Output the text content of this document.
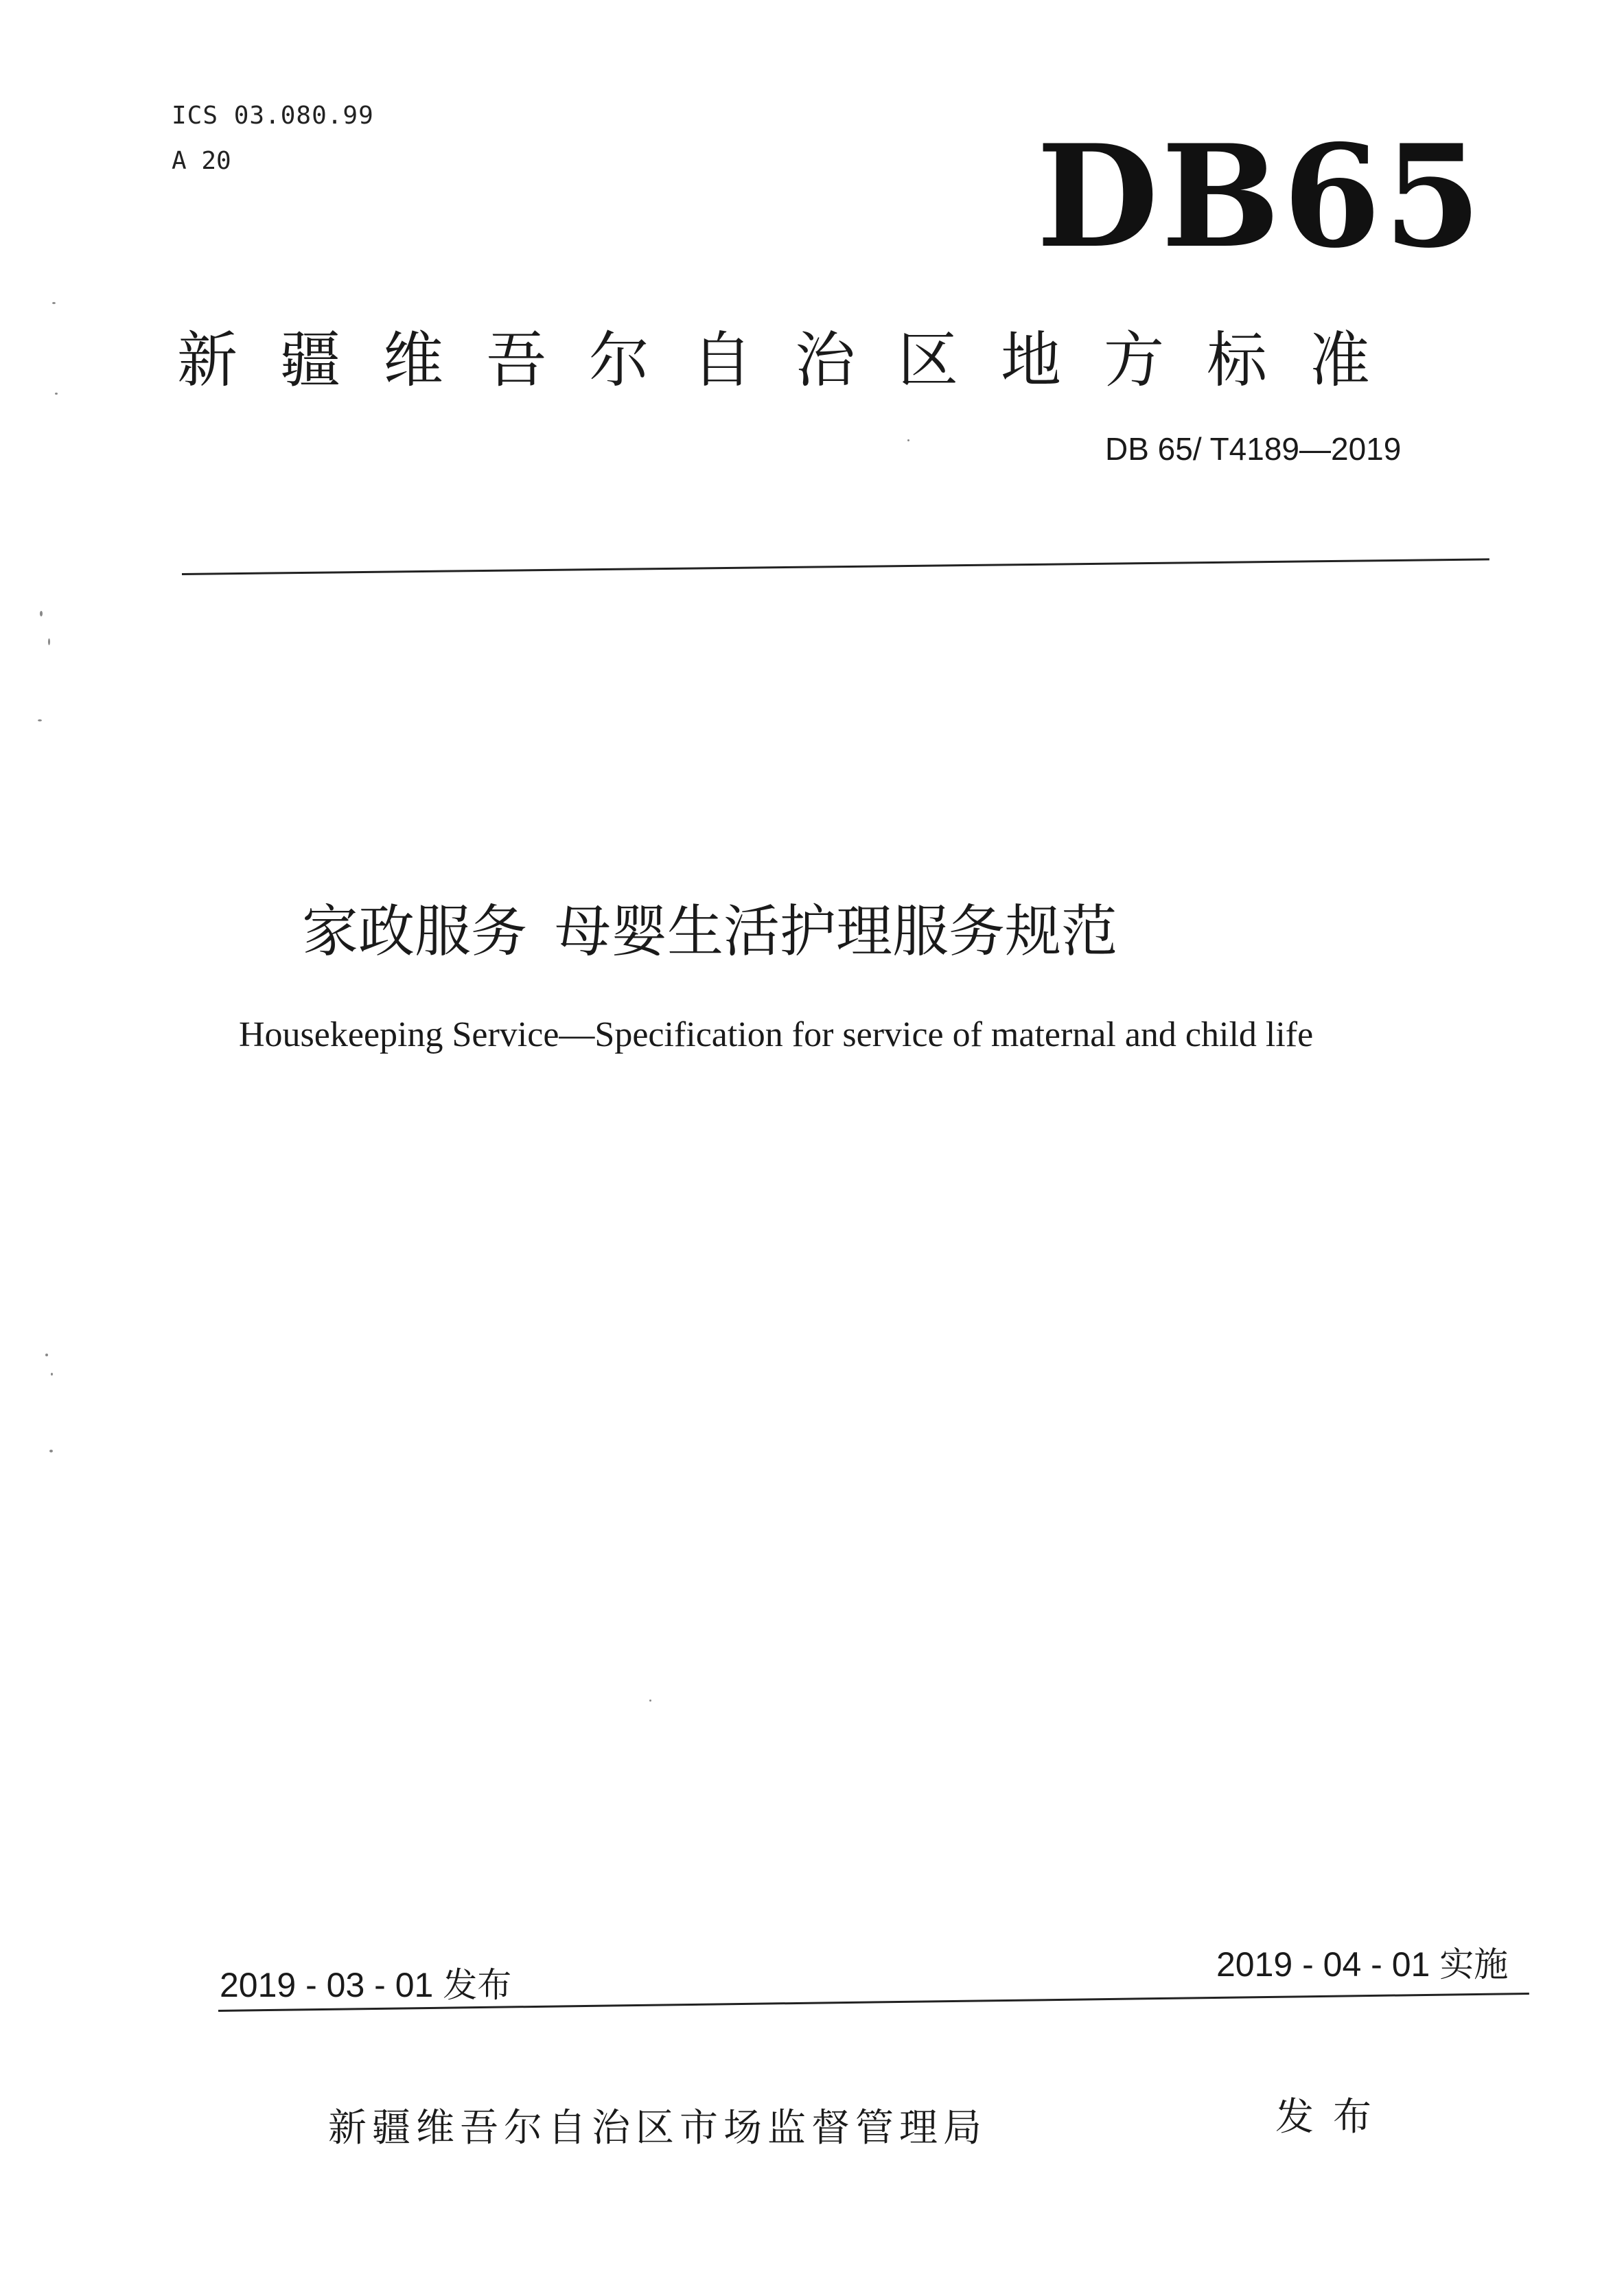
ICS 03.080.99
A 20	DB65
新疆维吾尔自治区地方标准
DB 65/ T4189—2019
家政服务 母婴生活护理服务规范
Housekeeping Service—Specification for service of maternal and child life
2019 - 03 - 01 发布
2019 - 04 - 01 实施
新疆维吾尔自治区市场监督管理局	发布
